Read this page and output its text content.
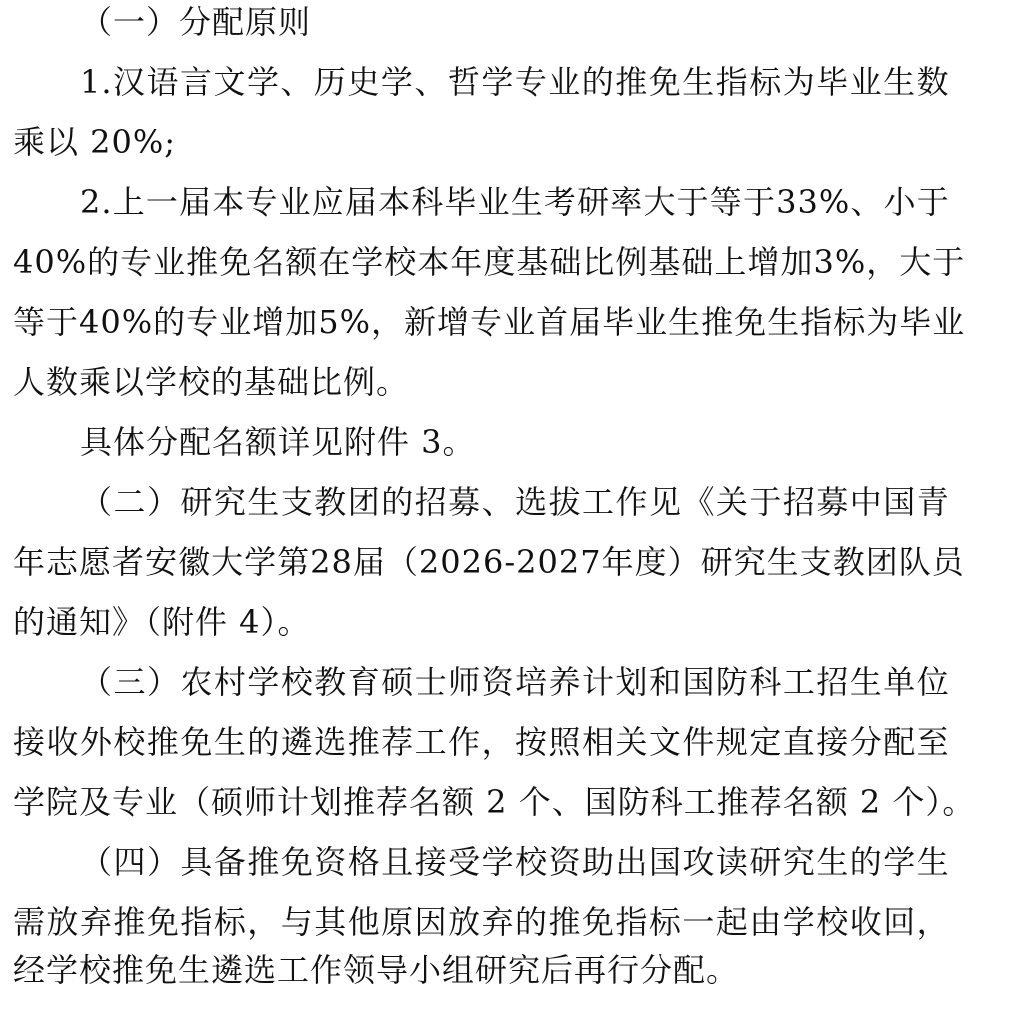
（一）分配原则
1. 汉 语 言 文 学 、 历 史 学 、 哲 学 专 业 的 推 免 生 指 标 为 毕 业 生 数
乘以 20%;
2. 上 一 届 本 专 业 应 届 本 科 毕 业 生 考 研 率 大 于 等 于 33% 、 小 于
40% 的 专 业 推 免 名 额 在 学 校 本 年 度 基 础 比 例 基 础 上 增 加 3% ， 大 于
等 于 40% 的 专 业 增 加 5% ， 新 增 专 业 首 届 毕 业 生 推 免 生 指 标 为 毕 业
人数乘以学校的基础比例。
具体分配名额详见附件 3。
（ 二 ） 研 究 生 支 教 团 的 招 募 、 选 拔 工 作 见 《 关 于 招 募 中 国 青
年 志 愿 者 安 徽 大 学 第 28 届 （ 2026-2027 年 度 ） 研 究 生 支 教 团 队 员
的通知》（附件 4）。
（ 三 ） 农 村 学 校 教 育 硕 士 师 资 培 养 计 划 和 国 防 科 工 招 生 单 位
接 收 外 校 推 免 生 的 遴 选 推 荐 工 作 ， 按 照 相 关 文 件 规 定 直 接 分 配 至
学院及专业（硕师计划推荐名额 2 个、国防科工推荐名额 2 个）。
（ 四 ） 具 备 推 免 资 格 且 接 受 学 校 资 助 出 国 攻 读 研 究 生 的 学 生
需 放 弃 推 免 指 标 ， 与 其 他 原 因 放 弃 的 推 免 指 标 一 起 由 学 校 收 回 ，
经学校推免生遴选工作领导小组研究后再行分配。
